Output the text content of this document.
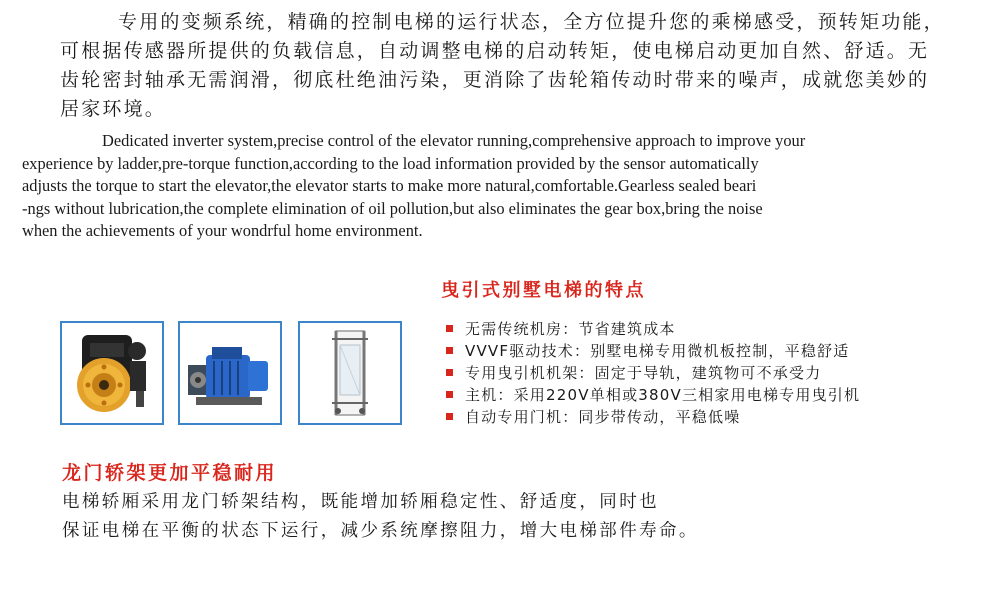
专用的变频系统，精确的控制电梯的运行状态，全方位提升您的乘梯感受，预转矩功能，可根据传感器所提供的负载信息，自动调整电梯的启动转矩，使电梯启动更加自然、舒适。无齿轮密封轴承无需润滑，彻底杜绝油污染，更消除了齿轮箱传动时带来的噪声，成就您美妙的居家环境。

Dedicated inverter system,precise control of the elevator running,comprehensive approach to improve your
experience by ladder,pre-torque function,according to the load information provided by the sensor automatically
adjusts the torque to start the elevator,the elevator starts to make more natural,comfortable.Gearless sealed beari
-ngs without lubrication,the complete elimination of oil pollution,but also eliminates the gear box,bring the noise
when the achievements of your wondrful home environment.
曳引式别墅电梯的特点
无需传统机房：节省建筑成本
VVVF驱动技术：别墅电梯专用微机板控制，平稳舒适
专用曳引机机架：固定于导轨，建筑物可不承受力
主机：采用220V单相或380V三相家用电梯专用曳引机
自动专用门机：同步带传动，平稳低噪
龙门轿架更加平稳耐用

电梯轿厢采用龙门轿架结构，既能增加轿厢稳定性、舒适度，同时也
保证电梯在平衡的状态下运行，减少系统摩擦阻力，增大电梯部件寿命。
